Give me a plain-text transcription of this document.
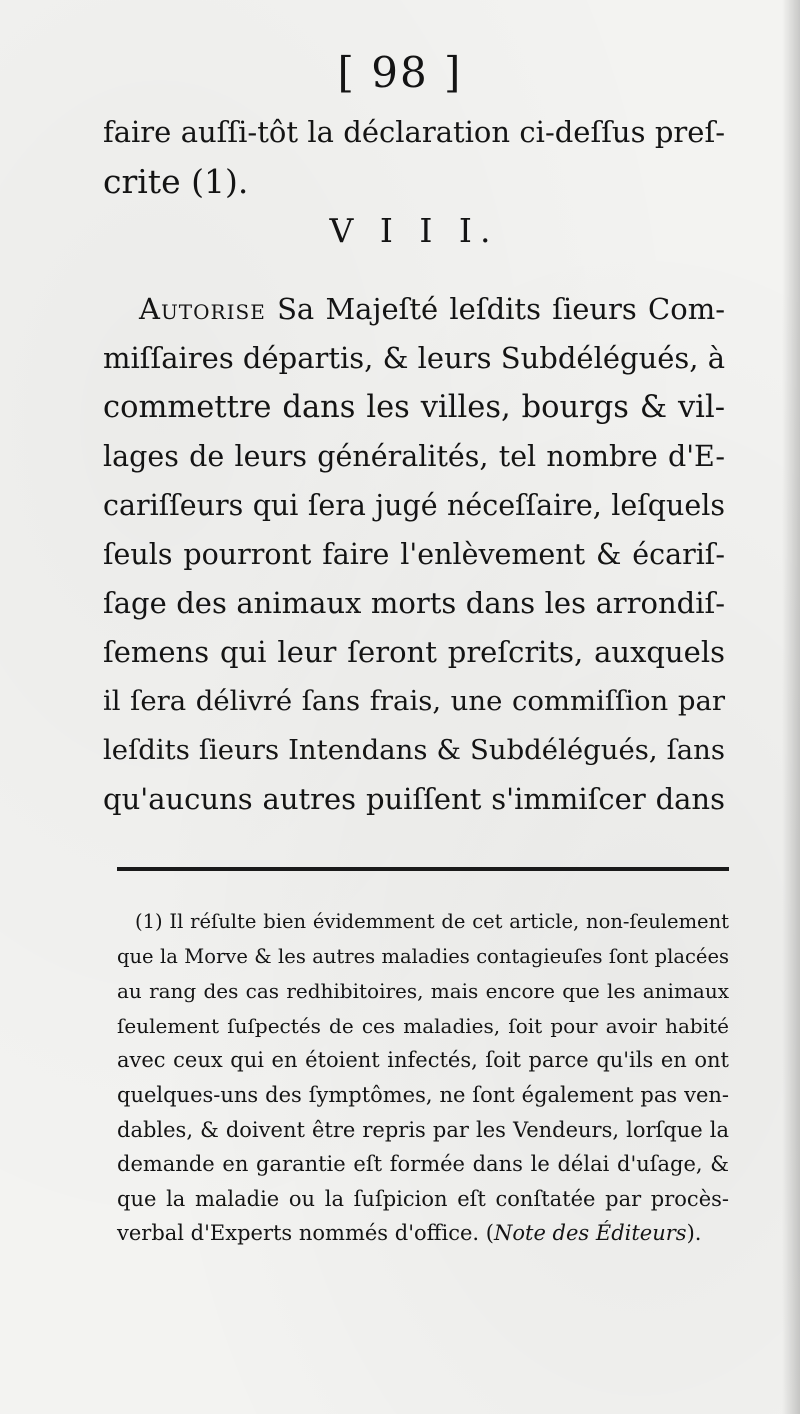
[ 98 ]
faire auſſi-tôt la déclaration ci-deſſus preſ-
crite (1).
V I I I.
Autorise Sa Majeſté leſdits ſieurs Com-
miſſaires départis, & leurs Subdélégués, à
commettre dans les villes, bourgs & vil-
lages de leurs généralités, tel nombre d'E-
cariſſeurs qui ſera jugé néceſſaire, leſquels
ſeuls pourront faire l'enlèvement & écariſ-
ſage des animaux morts dans les arrondiſ-
ſemens qui leur ſeront preſcrits, auxquels
il ſera délivré ſans frais, une commiſſion par
leſdits ſieurs Intendans & Subdélégués, ſans
qu'aucuns autres puiſſent s'immiſcer dans
(1) Il réſulte bien évidemment de cet article, non-ſeulement
que la Morve & les autres maladies contagieuſes ſont placées
au rang des cas redhibitoires, mais encore que les animaux
ſeulement ſuſpectés de ces maladies, ſoit pour avoir habité
avec ceux qui en étoient infectés, ſoit parce qu'ils en ont
quelques-uns des ſymptômes, ne ſont également pas ven-
dables, & doivent être repris par les Vendeurs, lorſque la
demande en garantie eſt formée dans le délai d'uſage, &
que la maladie ou la ſuſpicion eſt conſtatée par procès-
verbal d'Experts nommés d'office. (Note des Éditeurs).
